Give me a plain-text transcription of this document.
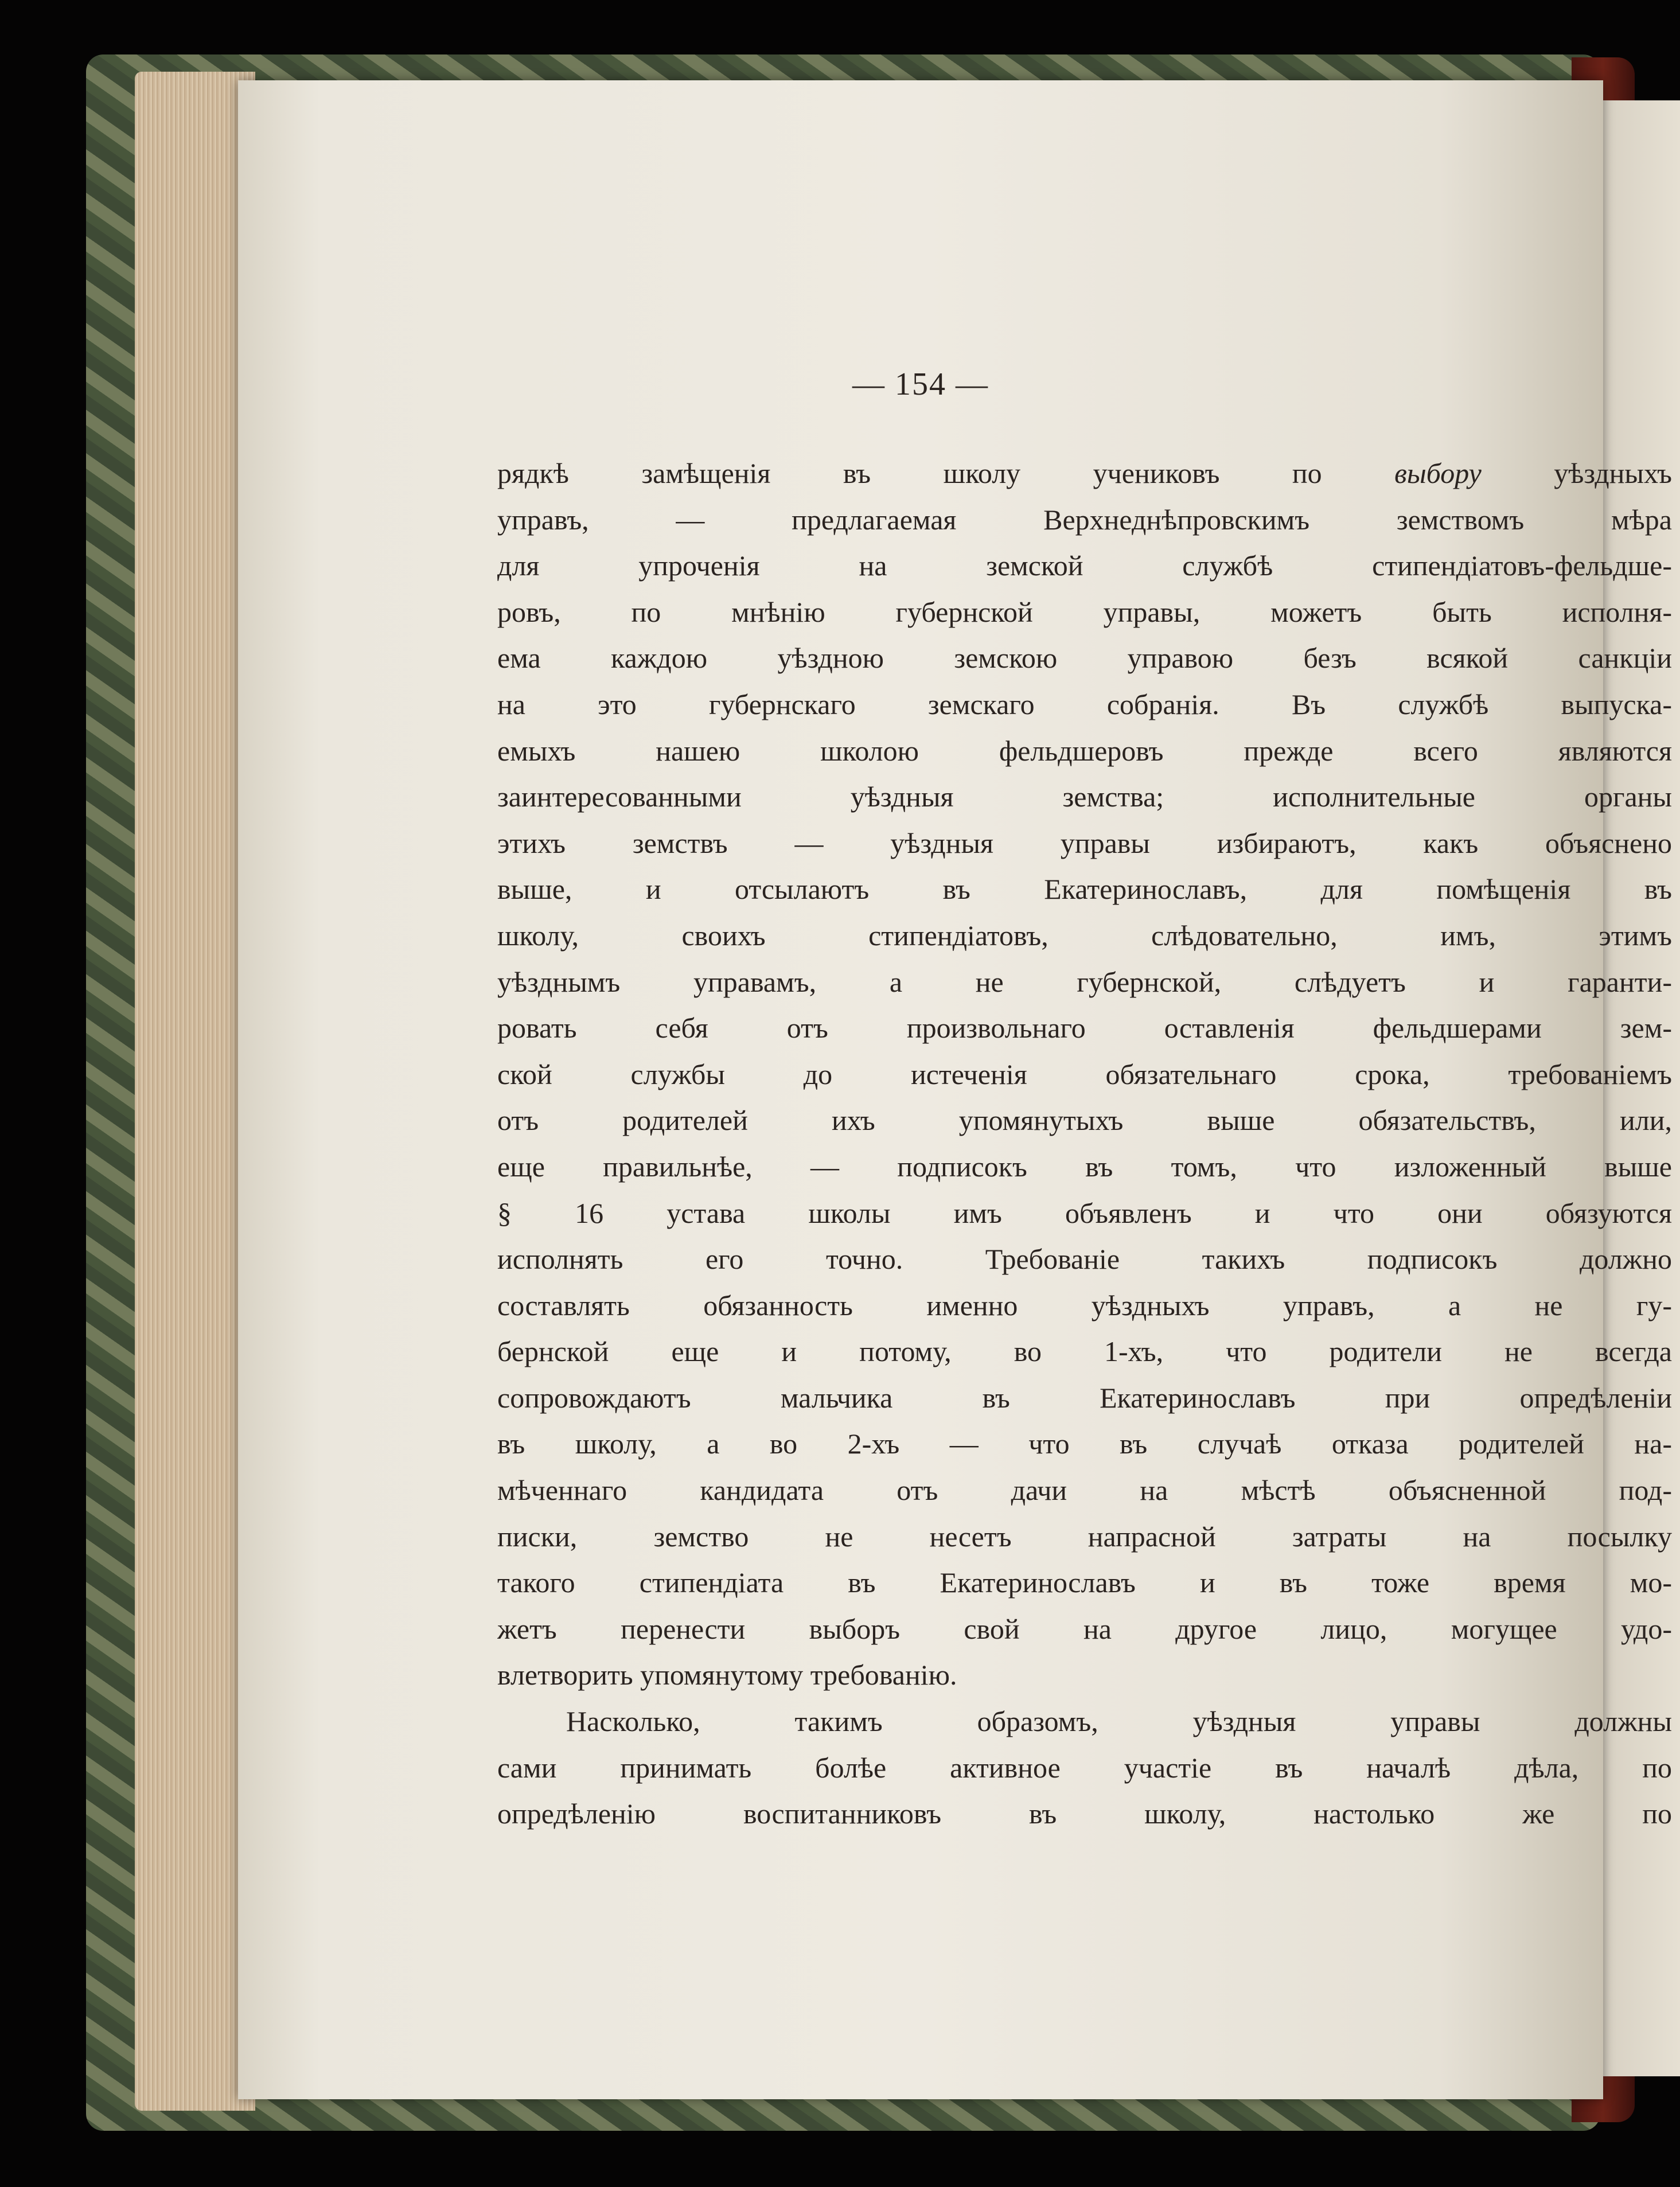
— 154 —
рядкѣ замѣщенія въ школу учениковъ по выбору уѣздныхъ
управъ, — предлагаемая Верхнеднѣпровскимъ земствомъ мѣра
для упроченія на земской службѣ стипендіатовъ-фельдше-
ровъ, по мнѣнію губернской управы, можетъ быть исполня-
ема каждою уѣздною земскою управою безъ всякой санкціи
на это губернскаго земскаго собранія. Въ службѣ выпуска-
емыхъ нашею школою фельдшеровъ прежде всего являются
заинтересованными уѣздныя земства; исполнительные органы
этихъ земствъ — уѣздныя управы избираютъ, какъ объяснено
выше, и отсылаютъ въ Екатеринославъ, для помѣщенія въ
школу, своихъ стипендіатовъ, слѣдовательно, имъ, этимъ
уѣзднымъ управамъ, а не губернской, слѣдуетъ и гаранти-
ровать себя отъ произвольнаго оставленія фельдшерами зем-
ской службы до истеченія обязательнаго срока, требованіемъ
отъ родителей ихъ упомянутыхъ выше обязательствъ, или,
еще правильнѣе, — подписокъ въ томъ, что изложенный выше
§ 16 устава школы имъ объявленъ и что они обязуются
исполнять его точно. Требованіе такихъ подписокъ должно
составлять обязанность именно уѣздныхъ управъ, а не гу-
бернской еще и потому, во 1-хъ, что родители не всегда
сопровождаютъ мальчика въ Екатеринославъ при опредѣленіи
въ школу, а во 2-хъ — что въ случаѣ отказа родителей на-
мѣченнаго кандидата отъ дачи на мѣстѣ объясненной под-
писки, земство не несетъ напрасной затраты на посылку
такого стипендіата въ Екатеринославъ и въ тоже время мо-
жетъ перенести выборъ свой на другое лицо, могущее удо-
влетворить упомянутому требованію.
Насколько, такимъ образомъ, уѣздныя управы должны
сами принимать болѣе активное участіе въ началѣ дѣла, по
опредѣленію воспитанниковъ въ школу, настолько же по
